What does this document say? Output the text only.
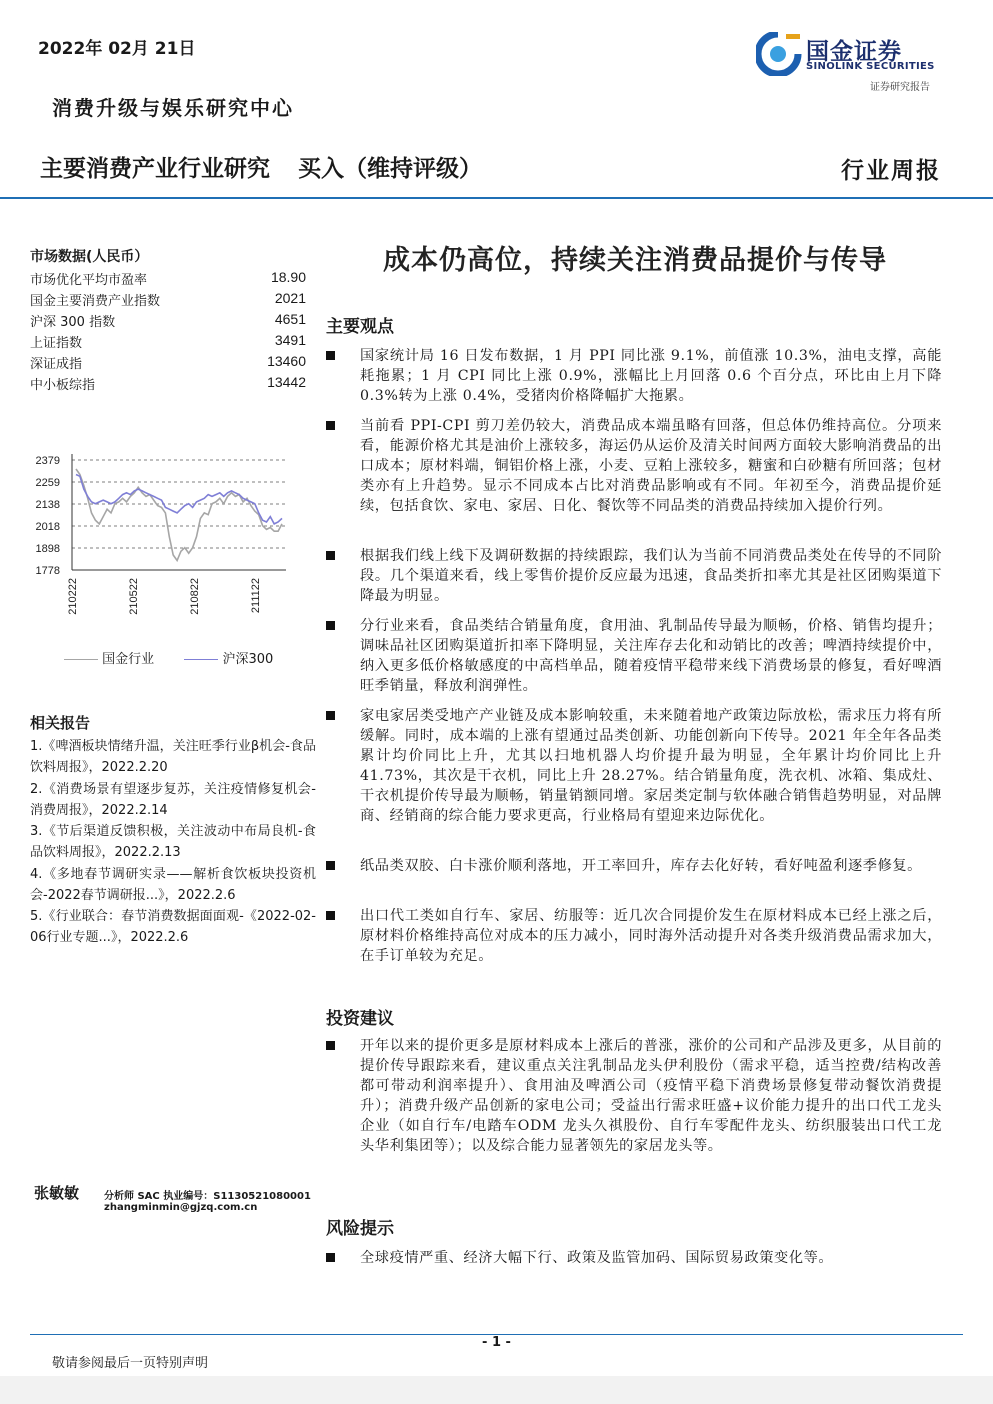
2022年 02月 21日
消费升级与娱乐研究中心
国金证券
SINOLINK SECURITIES
证券研究报告
主要消费产业行业研究 买入（维持评级）	行业周报
市场数据(人民币）
市场优化平均市盈率	18.90
国金主要消费产业指数	2021
沪深 300 指数	4651
上证指数	3491
深证成指	13460
中小板综指	13442
2379
2259
2138
2018
1898
1778
210222	210522	210822	211122
国金行业	沪深300
相关报告
1.《啤酒板块情绪升温，关注旺季行业β机会-食品饮料周报》，2022.2.20
2.《消费场景有望逐步复苏，关注疫情修复机会-消费周报》，2022.2.14
3.《节后渠道反馈积极，关注波动中布局良机-食品饮料周报》，2022.2.13
4.《多地春节调研实录——解析食饮板块投资机会-2022春节调研报...》，2022.2.6
5.《行业联合：春节消费数据面面观-《2022-02-06行业专题...》，2022.2.6
张敏敏 分析师 SAC 执业编号：S1130521080001
zhangminmin@gjzq.com.cn
成本仍高位，持续关注消费品提价与传导
主要观点
国家统计局 16 日发布数据，1 月 PPI 同比涨 9.1%，前值涨 10.3%，油电支撑，高能耗拖累；1 月 CPI 同比上涨 0.9%，涨幅比上月回落 0.6 个百分点，环比由上月下降 0.3%转为上涨 0.4%，受猪肉价格降幅扩大拖累。
当前看 PPI-CPI 剪刀差仍较大，消费品成本端虽略有回落，但总体仍维持高位。分项来看，能源价格尤其是油价上涨较多，海运仍从运价及清关时间两方面较大影响消费品的出口成本；原材料端，铜铝价格上涨，小麦、豆粕上涨较多，糖蜜和白砂糖有所回落；包材类亦有上升趋势。显示不同成本占比对消费品影响或有不同。年初至今，消费品提价延续，包括食饮、家电、家居、日化、餐饮等不同品类的消费品持续加入提价行列。
根据我们线上线下及调研数据的持续跟踪，我们认为当前不同消费品类处在传导的不同阶段。几个渠道来看，线上零售价提价反应最为迅速，食品类折扣率尤其是社区团购渠道下降最为明显。
分行业来看，食品类结合销量角度，食用油、乳制品传导最为顺畅，价格、销售均提升；调味品社区团购渠道折扣率下降明显，关注库存去化和动销比的改善；啤酒持续提价中，纳入更多低价格敏感度的中高档单品，随着疫情平稳带来线下消费场景的修复，看好啤酒旺季销量，释放利润弹性。
家电家居类受地产产业链及成本影响较重，未来随着地产政策边际放松，需求压力将有所缓解。同时，成本端的上涨有望通过品类创新、功能创新向下传导。2021 年全年各品类累计均价同比上升，尤其以扫地机器人均价提升最为明显，全年累计均价同比上升 41.73%，其次是干衣机，同比上升 28.27%。结合销量角度，洗衣机、冰箱、集成灶、干衣机提价传导最为顺畅，销量销额同增。家居类定制与软体融合销售趋势明显，对品牌商、经销商的综合能力要求更高，行业格局有望迎来边际优化。
纸品类双胶、白卡涨价顺利落地，开工率回升，库存去化好转，看好吨盈利逐季修复。
出口代工类如自行车、家居、纺服等：近几次合同提价发生在原材料成本已经上涨之后，原材料价格维持高位对成本的压力减小，同时海外活动提升对各类升级消费品需求加大，在手订单较为充足。
投资建议
开年以来的提价更多是原材料成本上涨后的普涨，涨价的公司和产品涉及更多，从目前的提价传导跟踪来看，建议重点关注乳制品龙头伊利股份（需求平稳，适当控费/结构改善都可带动利润率提升）、食用油及啤酒公司（疫情平稳下消费场景修复带动餐饮消费提升）；消费升级产品创新的家电公司；受益出行需求旺盛+议价能力提升的出口代工龙头企业（如自行车/电踏车ODM 龙头久祺股份、自行车零配件龙头、纺织服装出口代工龙头华利集团等）；以及综合能力显著领先的家居龙头等。
风险提示
全球疫情严重、经济大幅下行、政策及监管加码、国际贸易政策变化等。
- 1 -
敬请参阅最后一页特别声明
